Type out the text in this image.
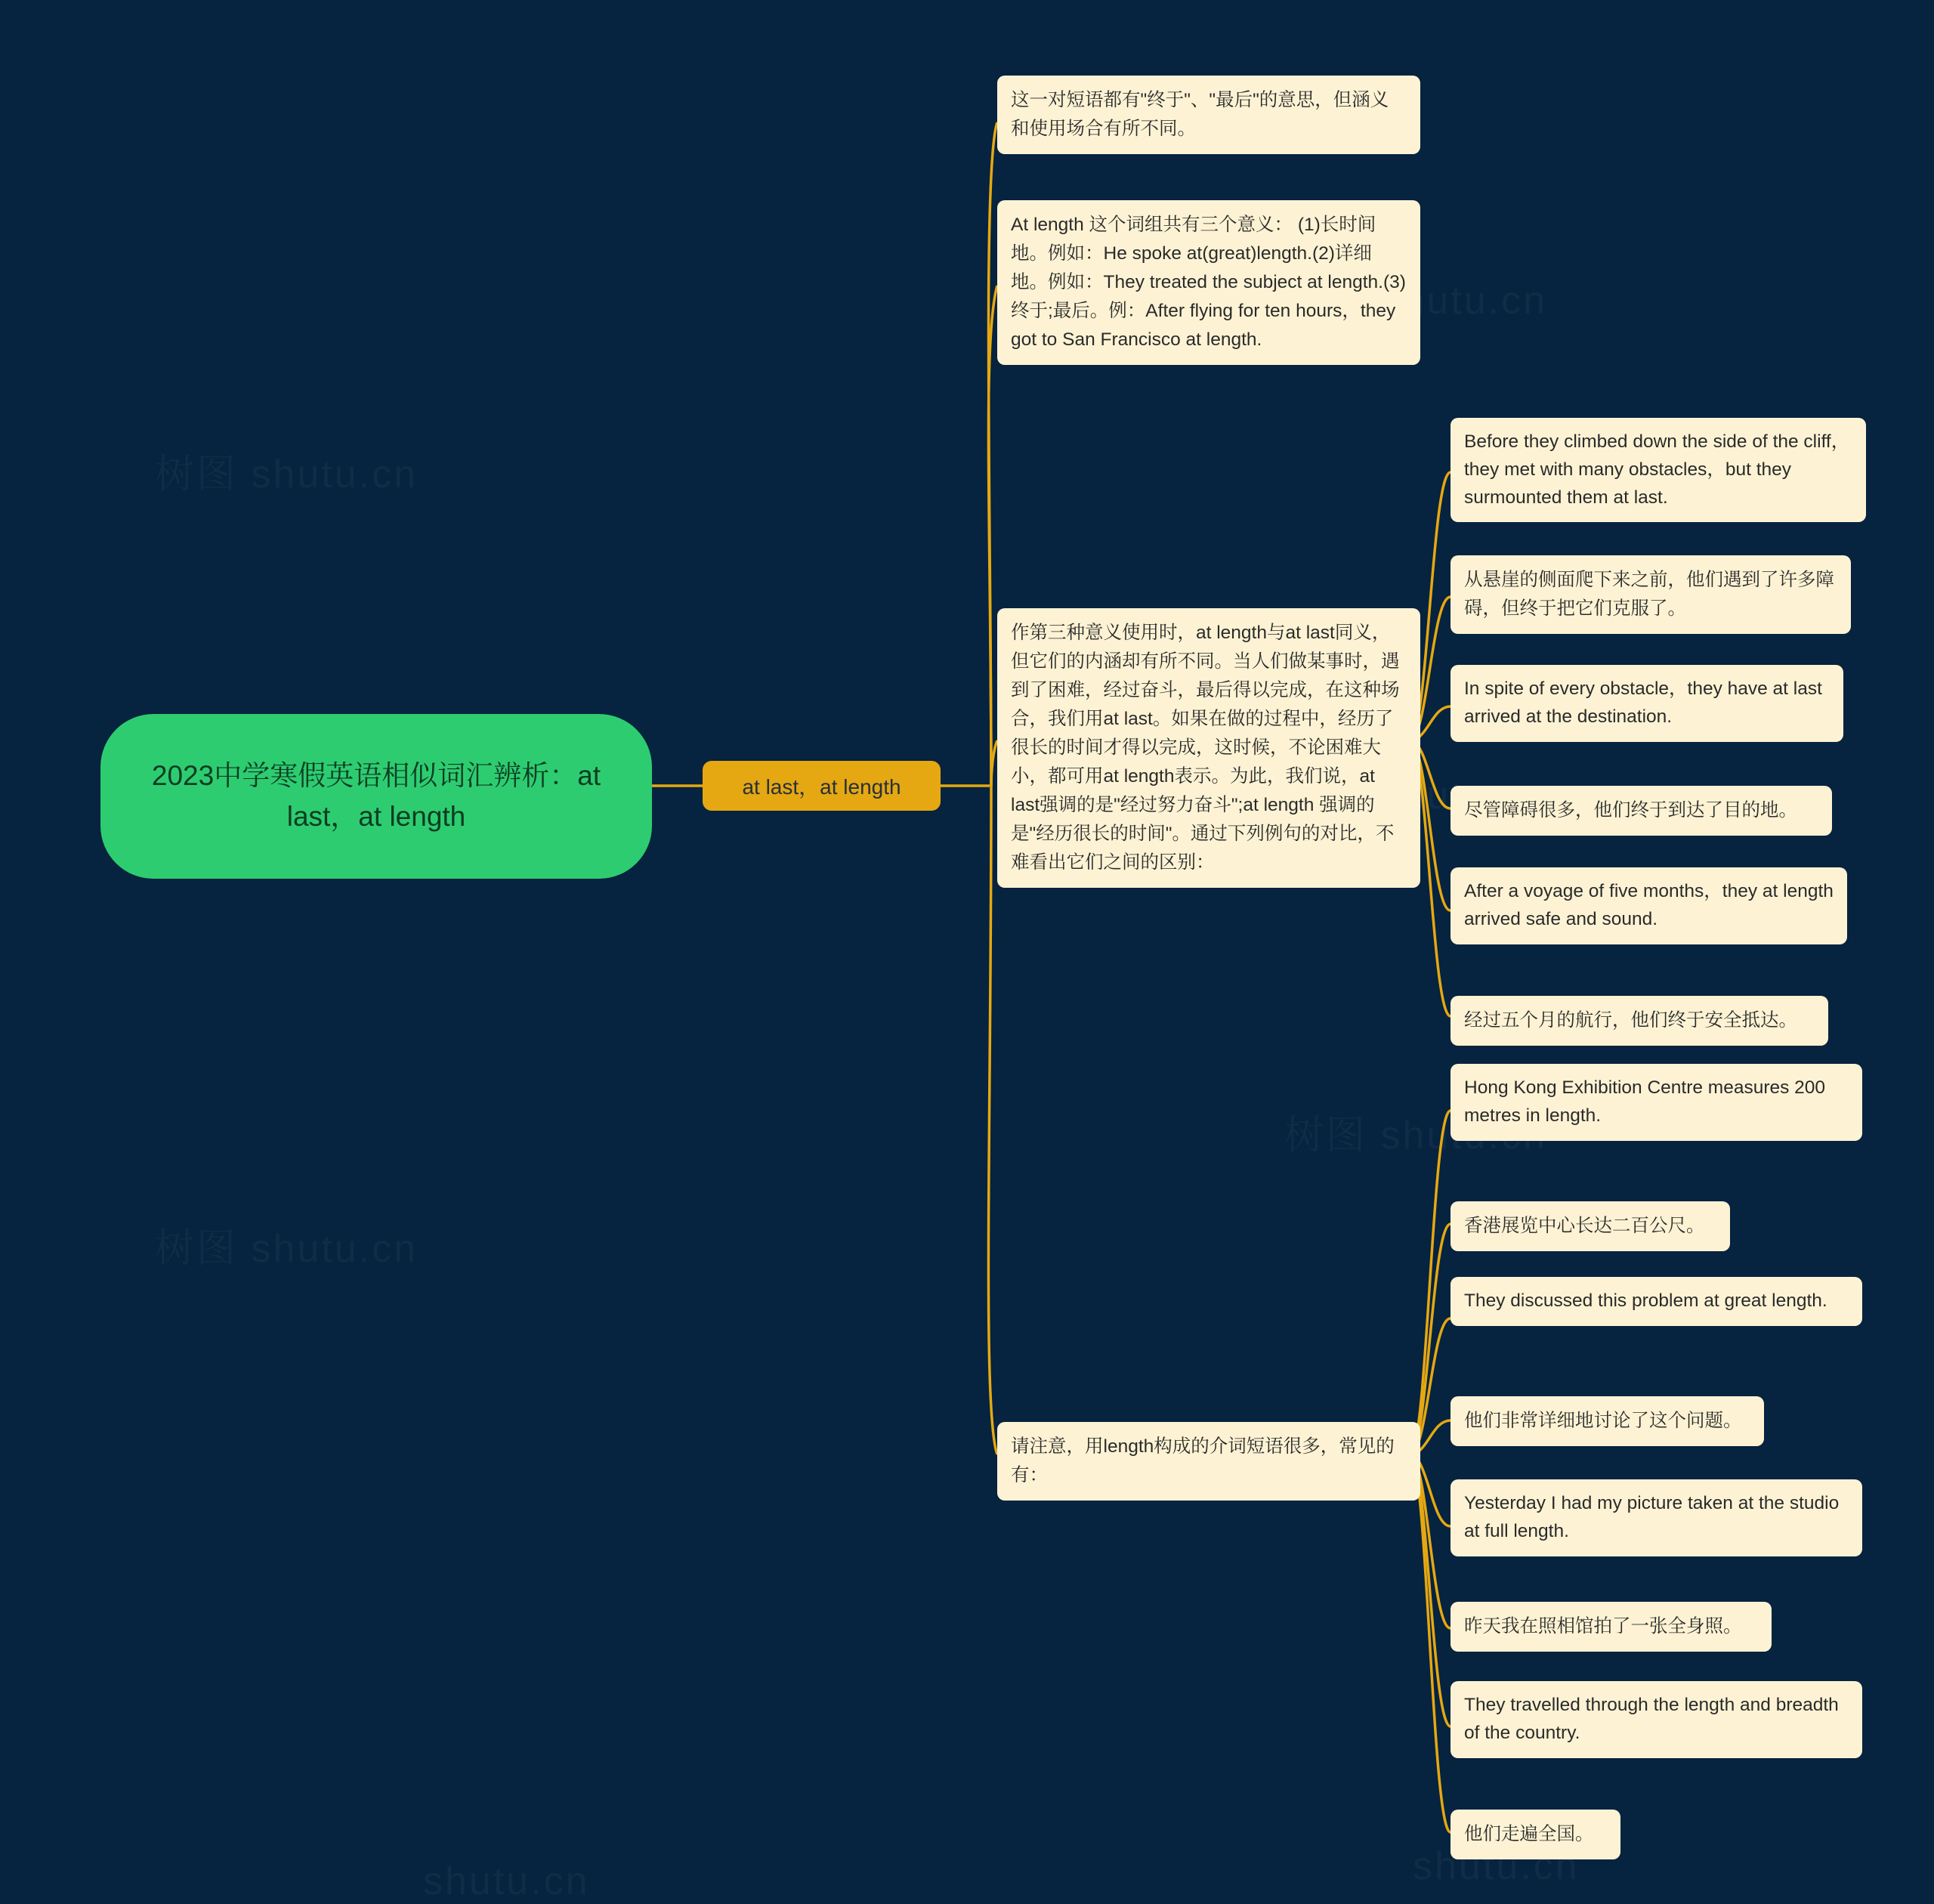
2023中学寒假英语相似词汇辨析：at last，at length
at last，at length
这一对短语都有"终于"、"最后"的意思，但涵义和使用场合有所不同。
At length 这个词组共有三个意义： (1)长时间地。例如：He spoke at(great)length.(2)详细地。例如：They treated the subject at length.(3)终于;最后。例：After flying for ten hours，they got to San Francisco at length.
作第三种意义使用时，at length与at last同义，但它们的内涵却有所不同。当人们做某事时，遇到了困难，经过奋斗，最后得以完成，在这种场合，我们用at last。如果在做的过程中，经历了很长的时间才得以完成，这时候，不论困难大小，都可用at length表示。为此，我们说，at last强调的是"经过努力奋斗";at length 强调的是"经历很长的时间"。通过下列例句的对比，不难看出它们之间的区别：
请注意，用length构成的介词短语很多，常见的有：
Before they climbed down the side of the cliff，they met with many obstacles，but they surmounted them at last.
从悬崖的侧面爬下来之前，他们遇到了许多障碍，但终于把它们克服了。
In spite of every obstacle，they have at last arrived at the destination.
尽管障碍很多，他们终于到达了目的地。
After a voyage of five months，they at length arrived safe and sound.
经过五个月的航行，他们终于安全抵达。
Hong Kong Exhibition Centre measures 200 metres in length.
香港展览中心长达二百公尺。
They discussed this problem at great length.
他们非常详细地讨论了这个问题。
Yesterday I had my picture taken at the studio at full length.
昨天我在照相馆拍了一张全身照。
They travelled through the length and breadth of the country.
他们走遍全国。
